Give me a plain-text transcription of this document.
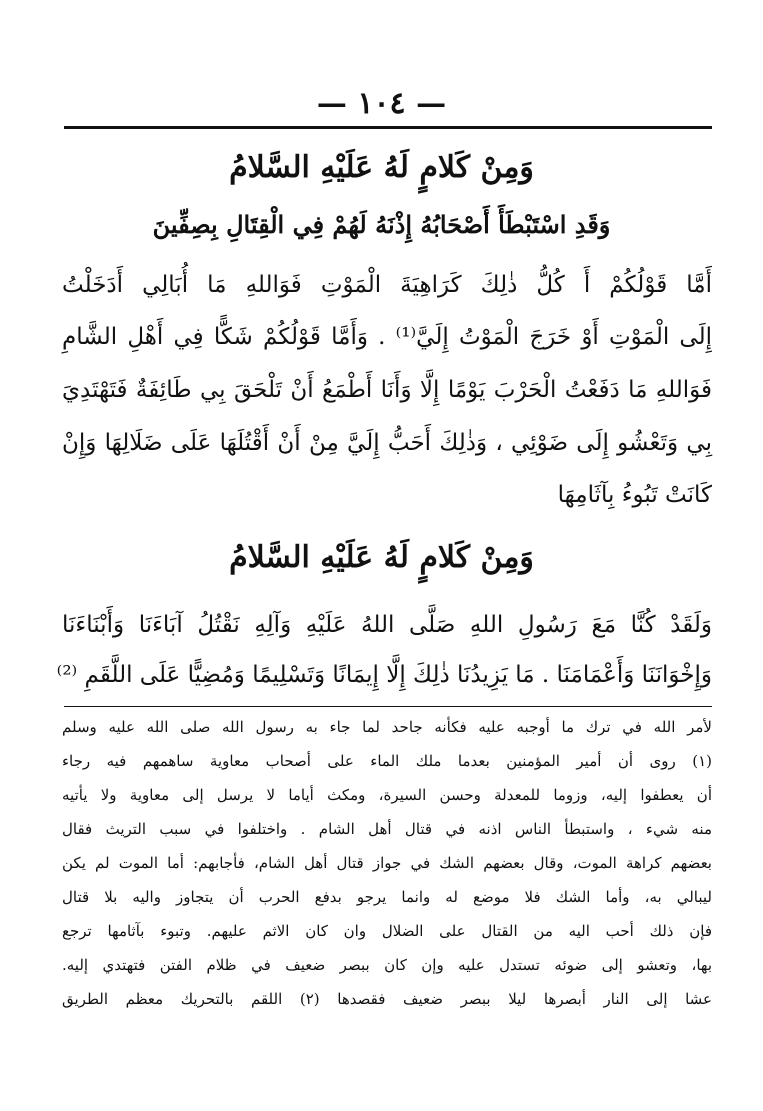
— ١٠٤ —
وَمِنْ كَلامٍ لَهُ عَلَيْهِ السَّلامُ
وَقَدِ اسْتَبْطَأَ أَصْحَابُهُ إِذْنَهُ لَهُمْ فِي الْقِتَالِ بِصِفِّينَ
أَمَّا قَوْلُكُمْ أَ كُلُّ ذٰلِكَ كَرَاهِيَةَ الْمَوْتِ فَوَاللهِ مَا أُبَالِي أَدَخَلْتُ
إِلَى الْمَوْتِ أَوْ خَرَجَ الْمَوْتُ إِلَيَّ⁽¹⁾ . وَأَمَّا قَوْلُكُمْ شَكًّا فِي أَهْلِ الشَّامِ
فَوَاللهِ مَا دَفَعْتُ الْحَرْبَ يَوْمًا إِلَّا وَأَنَا أَطْمَعُ أَنْ تَلْحَقَ بِي طَائِفَةٌ فَتَهْتَدِيَ
بِي وَتَعْشُو إِلَى ضَوْئِي ، وَذٰلِكَ أَحَبُّ إِلَيَّ مِنْ أَنْ أَقْتُلَهَا عَلَى ضَلَالِهَا وَإِنْ
كَانَتْ تَبُوءُ بِآثَامِهَا
وَمِنْ كَلامٍ لَهُ عَلَيْهِ السَّلامُ
وَلَقَدْ كُنَّا مَعَ رَسُولِ اللهِ صَلَّى اللهُ عَلَيْهِ وَآلِهِ نَقْتُلُ آبَاءَنَا وَأَبْنَاءَنَا
وَإِخْوَانَنَا وَأَعْمَامَنَا . مَا يَزِيدُنَا ذٰلِكَ إِلَّا إِيمَانًا وَتَسْلِيمًا وَمُضِيًّا عَلَى اللَّقَمِ ⁽²⁾
لأمر الله في ترك ما أوجبه عليه فكأنه جاحد لما جاء به رسول الله صلى الله عليه وسلم
(١) روى أن أمير المؤمنين بعدما ملك الماء على أصحاب معاوية ساهمهم فيه رجاء
أن يعطفوا إليه، وزوما للمعدلة وحسن السيرة، ومكث أياما لا يرسل إلى معاوية ولا يأتيه
منه شيء ، واستبطأ الناس اذنه في قتال أهل الشام . واختلفوا في سبب التريث فقال
بعضهم كراهة الموت، وقال بعضهم الشك في جواز قتال أهل الشام، فأجابهم: أما الموت لم يكن
ليبالي به، وأما الشك فلا موضع له وانما يرجو بدفع الحرب أن يتجاوز واليه بلا قتال
فإن ذلك أحب اليه من القتال على الضلال وان كان الاثم عليهم. وتبوء بآثامها ترجع
بها، وتعشو إلى ضوئه تستدل عليه وإن كان ببصر ضعيف في ظلام الفتن فتهتدي إليه.
عشا إلى النار أبصرها ليلا ببصر ضعيف فقصدها (٢) اللقم بالتحريك معظم الطريق
